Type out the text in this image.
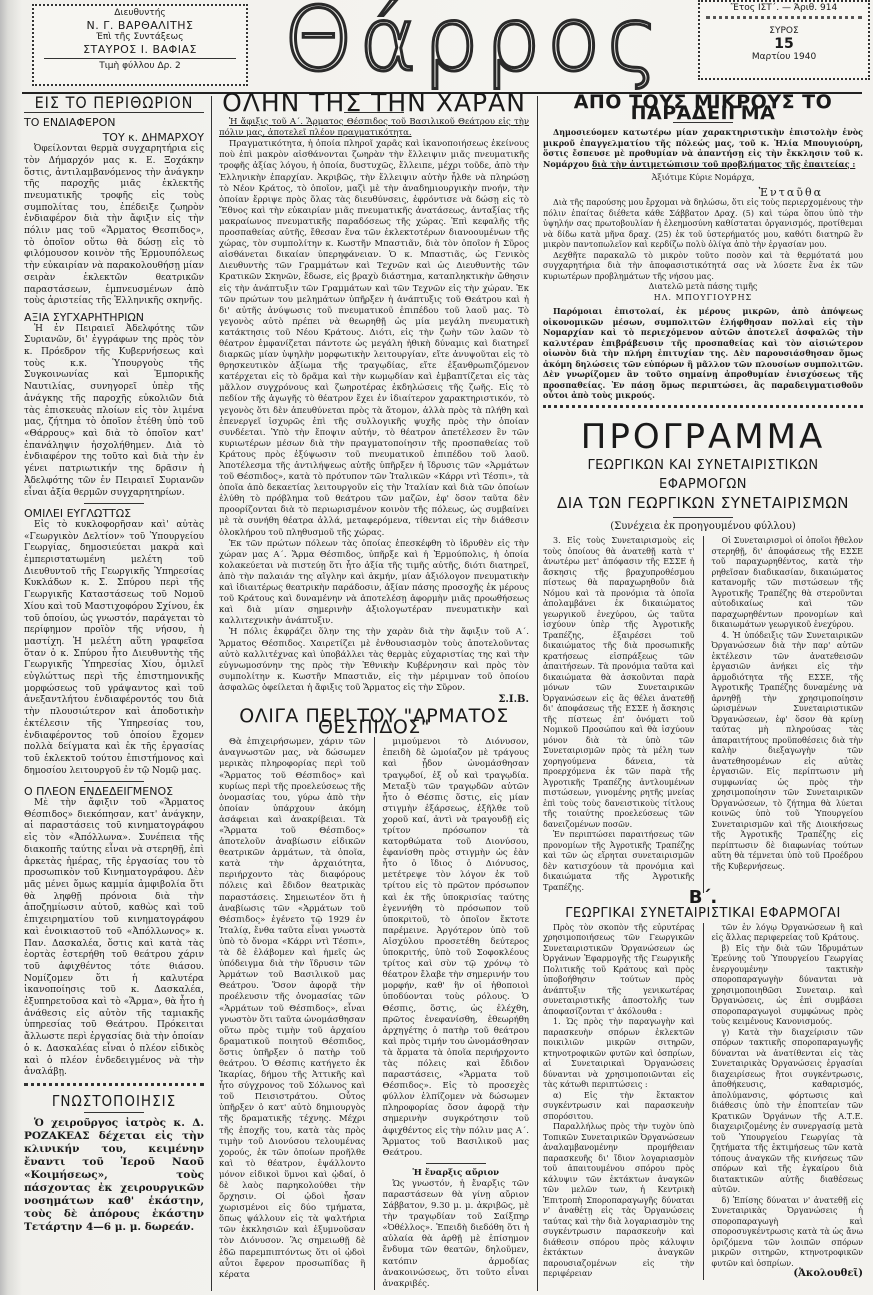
Διευθυντής
Ν. Γ. ΒΑΡΘΑΛΙΤΗΣ
Ἐπὶ τῆς Συντάξεως
ΣΤΑΥΡΟΣ Ι. ΒΑΦΙΑΣ
Τιμὴ φύλλου Δρ. 2	Θάρρος	Ἔτος ΙΣΤ΄. — Ἀριθ. 914
ΣΥΡΟΣ
15
Μαρτίου 1940
ΕΙΣ ΤΟ ΠΕΡΙΘΩΡΙΟΝ
ΤΟ ΕΝΔΙΑΦΕΡΟΝ
ΤΟΥ κ. ΔΗΜΑΡΧΟΥ

Ὀφείλονται θερμὰ συγχαρητήρια εἰς τὸν Δήμαρχόν μας κ. Ε. Ξοχάκην ὅστις, ἀντιλαμβανόμενος τὴν ἀνάγκην τῆς παροχῆς μιᾶς ἐκλεκτῆς πνευματικῆς τροφῆς εἰς τοὺς συμπολίτας του, ἐπέδειξε ζωηρὸν ἐνδιαφέρον διὰ τὴν ἄφιξιν εἰς τὴν πόλιν μας τοῦ «Ἅρματος Θεσπιδος», τὸ ὁποῖον οὕτω θὰ δώσῃ εἰς τὸ φιλόμουσον κοινὸν τῆς Ἑρμουπόλεως τὴν εὐκαιρίαν νὰ παρακολουθήσῃ μίαν σειρὰν ἐκλεκτῶν θεατρικῶν παραστάσεων, ἐμπνευσμένων ἀπὸ τοὺς ἀριστείας τῆς Ἑλληνικῆς σκηνῆς.

ΑΞΙΑ ΣΥΓΧΑΡΗΤΗΡΙΩΝ

Ἡ ἐν Πειραιεῖ Ἀδελφότης τῶν Συριανῶν, δι' ἐγγράφων της πρὸς τὸν κ. Πρόεδρον τῆς Κυβερνήσεως καὶ τοὺς κ.κ. Ὑπουργοὺς τῆς Συγκοινωνίας καὶ Ἐμπορικῆς Ναυτιλίας, συνηγορεῖ ὑπὲρ τῆς ἀνάγκης τῆς παροχῆς εὐκολιῶν διὰ τὰς ἐπισκευὰς πλοίων εἰς τὸν λιμένα μας, ζήτημα τὸ ὁποῖον ἐτέθη ὑπὸ τοῦ «Θάρρους» καὶ διὰ τὸ ὁποῖον κατ' ἐπανάληψιν ἠσχολήθημεν. Διὰ τὸ ἐνδιαφέρον της τοῦτο καὶ διὰ τὴν ἐν γένει πατριωτικήν της δρᾶσιν ἡ Ἀδελφότης τῶν ἐν Πειραιεῖ Συριανῶν εἶναι ἀξία θερμῶν συγχαρητηρίων.

ΟΜΙΛΕΙ ΕΥΓΛΩΤΤΩΣ

Εἰς τὸ κυκλοφορῆσαν καὶ' αὐτὰς «Γεωργικὸν Δελτίον» τοῦ Ὑπουργείου Γεωργίας, δημοσιεύεται μακρὰ καὶ ἐμπεριστατωμένη μελέτη τοῦ Διευθυντοῦ τῆς Γεωργικῆς Ὑπηρεσίας Κυκλάδων κ. Σ. Σπύρου περὶ τῆς Γεωργικῆς Καταστάσεως τοῦ Νομοῦ Χίου καὶ τοῦ Μαστιχοφόρου Σχίνου, ἐκ τοῦ ὁποίου, ὡς γνωστόν, παράγεται τὸ περίφημον προϊὸν τῆς νήσου, ἡ μαστίχη. Ἡ μελέτη αὕτη γραφεῖσα ὅταν ὁ κ. Σπύρου ἦτο Διευθυντὴς τῆς Γεωργικῆς Ὑπηρεσίας Χίου, ὁμιλεῖ εὐγλώττως περὶ τῆς ἐπιστημονικῆς μορφώσεως τοῦ γράψαντος καὶ τοῦ ἀνεξαντλήτου ἐνδιαφέροντός του διὰ τὴν πλουσιώτερον καὶ ἀποδοτικὴν ἐκτέλεσιν τῆς Ὑπηρεσίας του, ἐνδιαφέροντος τοῦ ὁποίου ἔχομεν πολλὰ δείγματα καὶ ἐκ τῆς ἐργασίας τοῦ ἐκλεκτοῦ τούτου ἐπιστήμονος καὶ δημοσίου λειτουργοῦ ἐν τῷ Νομῷ μας.

Ο ΠΛΕΟΝ ΕΝΔΕΔΕΙΓΜΕΝΟΣ

Μὲ τὴν ἄφιξιν τοῦ «Ἅρματος Θέσπιδος» διεκόπησαν, κατ' ἀνάγκην, αἱ παραστάσεις τοῦ κινηματογράφου εἰς τὸν «Ἀπόλλωνα». Συνέπεια τῆς διακοπῆς ταύτης εἶναι νὰ στερηθῇ, ἐπὶ ἀρκετὰς ἡμέρας, τῆς ἐργασίας του τὸ προσωπικὸν τοῦ Κινηματογράφου. Δὲν μᾶς μένει ὅμως καμμία ἀμφιβολία ὅτι θὰ ληφθῇ πρόνοια διὰ τὴν ἀποζημίωσιν αὐτοῦ, καθὼς καὶ τοῦ ἐπιχειρηματίου τοῦ κινηματογράφου καὶ ἐνοικιαστοῦ τοῦ «Ἀπόλλωνος» κ. Παν. Δασκαλέα, ὅστις καὶ κατὰ τὰς ἑορτὰς ἐστερήθη τοῦ θεάτρου χάριν τοῦ ἀφιχθέντος τότε θιάσου. Νομίζομεν ὅτι ἡ καλυτέρα ἱκανοποίησις τοῦ κ. Δασκαλέα, ἐξυπηρετοῦσα καὶ τὸ «Ἅρμα», θὰ ἦτο ἡ ἀνάθεσις εἰς αὐτὸν τῆς ταμιακῆς ὑπηρεσίας τοῦ Θεάτρου. Πρόκειται ἄλλωστε περὶ ἐργασίας διὰ τὴν ὁποίαν ὁ κ. Δασκαλέας εἶναι ὁ πλέον εἰδικὸς καὶ ὁ πλέον ἐνδεδειγμένος νὰ τὴν ἀναλάβῃ.

ΓΝΩΣΤΟΠΟΙΗΣΙΣ

Ὁ χειροῦργος ἰατρὸς κ. Δ. ΡΟΖΑΚΕΑΣ δέχεται εἰς τὴν κλινικήν του, κειμένην ἔναντι τοῦ Ἱεροῦ Ναοῦ «Κοιμήσεως», τοὺς πάσχοντας ἐκ χειρουργικῶν νοσημάτων καθ' ἑκάστην, τοὺς δὲ ἀπόρους ἑκάστην Τετάρτην 4—6 μ. μ. δωρεάν.

ΟΛΗΝ ΤΗΣ ΤΗΝ ΧΑΡΑΝ

Ἡ ἄφιξις τοῦ Α΄. Ἅρματος Θέσπιδος τοῦ Βασιλικοῦ Θεάτρου εἰς τὴν πόλιν μας, ἀποτελεῖ πλέον πραγματικότητα.

Πραγματικότητα, ἡ ὁποία πληροῖ χαρᾶς καὶ ἱκανοποιήσεως ἐκείνους ποὺ ἐπὶ μακρὸν αἰσθάνονται ζωηρὰν τὴν ἔλλειψιν μιᾶς πνευματικῆς τροφῆς ἀξίας λόγου, ἡ ὁποία, δυστυχῶς, ἔλλειπε, μέχρι τοῦδε, ἀπὸ τὴν Ἑλληνικὴν ἐπαρχίαν. Ἀκριβῶς, τὴν ἔλλειψιν αὐτὴν ἦλθε νὰ πληρώσῃ τὸ Νέον Κράτος, τὸ ὁποῖον, μαζὶ μὲ τὴν ἀναδημιουργικὴν πνοήν, τὴν ὁποίαν ἔρριψε πρὸς ὅλας τὰς διευθύνσεις, ἐφρόντισε νὰ δώσῃ εἰς τὸ Ἔθνος καὶ τὴν εὐκαιρίαν μιᾶς πνευματικῆς ἀνατάσεως, ἀνταξίας τῆς μακραίωνος πνευματικῆς παραδόσεως τῆς χώρας. Ἐπὶ κεφαλῆς τῆς προσπαθείας αὐτῆς, ἔθεσαν ἕνα τῶν ἐκλεκτοτέρων διανοουμένων τῆς χώρας, τὸν συμπολίτην κ. Κωστῆν Μπαστιᾶν, διὰ τὸν ὁποῖον ἡ Σῦρος αἰσθάνεται δικαίαν ὑπερηφάνειαν. Ὁ κ. Μπαστιᾶς, ὡς Γενικὸς Διευθυντὴς τῶν Γραμμάτων καὶ Τεχνῶν καὶ ὡς Διευθυντὴς τῶν Κρατικῶν Σκηνῶν, ἔδωσε, εἰς βραχὺ διάστημα, καταπληκτικὴν ὤθησιν εἰς τὴν ἀνάπτυξιν τῶν Γραμμάτων καὶ τῶν Τεχνῶν εἰς τὴν χώραν. Ἐκ τῶν πρώτων του μελημάτων ὑπῆρξεν ἡ ἀνάπτυξις τοῦ Θεάτρου καὶ ἡ δι' αὐτῆς ἀνύψωσις τοῦ πνευματικοῦ ἐπιπέδου τοῦ λαοῦ μας. Τὸ γεγονὸς αὐτὸ πρέπει νὰ θεωρηθῇ ὡς μία μεγάλη πνευματικὴ κατάκτησις τοῦ Νέου Κράτους. Διότι, εἰς τὴν ζωὴν τῶν λαῶν τὸ θέατρον ἐμφανίζεται πάντοτε ὡς μεγάλη ἠθικὴ δύναμις καὶ διατηρεῖ διαρκῶς μίαν ὑψηλὴν μορφωτικὴν λειτουργίαν, εἴτε ἀνυψοῦται εἰς τὸ θρησκευτικὸν ἀξίωμα τῆς τραγῳδίας, εἴτε ἐξανθρωπιζόμενον κατέρχεται εἰς τὸ δρᾶμα καὶ τὴν κωμῳδίαν καὶ ἐμβαπτίζεται εἰς τὰς μᾶλλον συγχρόνους καὶ ζωηροτέρας ἐκδηλώσεις τῆς ζωῆς. Εἰς τὸ πεδίον τῆς ἀγωγῆς τὸ θέατρον ἔχει ἐν ἰδιαίτερον χαρακτηριστικόν, τὸ γεγονὸς ὅτι δὲν ἀπευθύνεται πρὸς τὰ ἄτομον, ἀλλὰ πρὸς τὰ πλήθη καὶ ἐπενεργεῖ ἰσχυρῶς ἐπὶ τῆς συλλογικῆς ψυχῆς πρὸς τὴν ὁποίαν συνδέεται. Ὑπὸ τὴν ἔποψιν αὐτήν, τὸ θέατρον ἀπετέλεσεν ἓν τῶν κυριωτέρων μέσων διὰ τὴν πραγματοποίησιν τῆς προσπαθείας τοῦ Κράτους πρὸς ἐξύψωσιν τοῦ πνευματικοῦ ἐπιπέδου τοῦ λαοῦ. Ἀποτέλεσμα τῆς ἀντιλήψεως αὐτῆς ὑπῆρξεν ἡ ἵδρυσις τῶν «Ἁρμάτων τοῦ Θέσπιδος», κατὰ τὸ πρότυπον τῶν Ἰταλικῶν «Κάρρι ντὶ Τέσπι», τὰ ὁποῖα ἀπὸ δεκαετίας λειτουργοῦν εἰς τὴν Ἰταλίαν καὶ διὰ τῶν ὁποίων ἐλύθη τὸ πρόβλημα τοῦ θεάτρου τῶν μαζῶν, ἐφ' ὅσον ταῦτα δὲν προορίζονται διὰ τὸ περιωρισμένον κοινὸν τῆς πόλεως, ὡς συμβαίνει μὲ τὰ συνήθη θέατρα ἀλλά, μεταφερόμενα, τίθενται εἰς τὴν διάθεσιν ὁλοκλήρου τοῦ πληθυσμοῦ τῆς χώρας.

Ἐκ τῶν πρώτων πόλεων τὰς ὁποίας ἐπεσκέφθη τὸ ἱδρυθὲν εἰς τὴν χώραν μας Α΄. Ἅρμα Θέσπιδος, ὑπῆρξε καὶ ἡ Ἑρμούπολις, ἡ ὁποία κολακεύεται νὰ πιστεύῃ ὅτι ἦτο ἀξία τῆς τιμῆς αὐτῆς, διότι διατηρεῖ, ἀπὸ τὴν παλαιάν της αἴγλην καὶ ἀκμήν, μίαν ἀξιόλογον πνευματικὴν καὶ ἰδιαιτέρως θεατρικὴν παράδοσιν, ἀξίαν πάσης προσοχῆς ἐκ μέρους τοῦ Κράτους καὶ δυναμένην νὰ ἀποτελέσῃ ἀφορμὴν μιᾶς προωθήσεως καὶ διὰ μίαν σημερινὴν ἀξιολογωτέραν πνευματικὴν καὶ καλλιτεχνικὴν ἀνάπτυξιν.

Ἡ πόλις ἐκφράζει ὅλην της τὴν χαρὰν διὰ τὴν ἄφιξιν τοῦ Α΄. Ἅρματος Θέσπιδος. Χαιρετίζει μὲ ἐνθουσιασμὸν τοὺς ἀποτελοῦντας αὐτὸ καλλιτέχνας καὶ ὑποβάλλει τὰς θερμὰς εὐχαριστίας της καὶ τὴν εὐγνωμοσύνην της πρὸς τὴν Ἐθνικὴν Κυβέρνησιν καὶ πρὸς τὸν συμπολίτην κ. Κωστῆν Μπαστιᾶν, εἰς τὴν μέριμναν τοῦ ὁποίου ἀσφαλῶς ὀφείλεται ἡ ἄφιξις τοῦ Ἅρματος εἰς τὴν Σῦρον.

Σ.Ι.Β.
ΟΛΙΓΑ ΠΕΡΙ ΤΟΥ "ΑΡΜΑΤΟΣ ΘΕΣΠΙΔΟΣ"

Θὰ ἐπιχειρήσωμεν, χάριν τῶν ἀναγνωστῶν μας, νὰ δώσωμεν μερικὰς πληροφορίας περὶ τοῦ «Ἅρματος τοῦ Θέσπιδος» καὶ κυρίως περὶ τῆς προελεύσεως τῆς ὀνομασίας του, γύρω ἀπὸ τὴν ὁποίαν ὑπάρχουν ἀκόμη ἀσάφειαι καὶ ἀνακρίβειαι. Τὰ «Ἅρματα τοῦ Θέσπιδος» ἀποτελοῦν ἀναβίωσιν εἰδικῶν θεατρικῶν ἁρμάτων, τὰ ὁποῖα, κατὰ τὴν ἀρχαιότητα, περιήρχοντο τὰς διαφόρους πόλεις καὶ ἔδιδον θεατρικὰς παραστάσεις. Σημειωτέον ὅτι ἡ ἀναβίωσις τῶν «Ἁρμάτων τοῦ Θέσπιδος» ἐγένετο τῷ 1929 ἐν Ἰταλίᾳ, ἔνθα ταῦτα εἶναι γνωστὰ ὑπὸ τὸ ὄνομα «Κάρρι ντὶ Τέσπι», τὰ δὲ ἐλάβομεν καὶ ἡμεῖς ὡς ὑπόδειγμα διὰ τὴν ἵδρυσιν τῶν Ἁρμάτων τοῦ Βασιλικοῦ μας Θεάτρου. Ὅσον ἀφορᾷ τὴν προέλευσιν τῆς ὀνομασίας τῶν «Ἁρμάτων τοῦ Θέσπιδος», εἶναι γνωστὸν ὅτι ταῦτα ὠνομάσθησαν οὕτω πρὸς τιμὴν τοῦ ἀρχαίου δραματικοῦ ποιητοῦ Θέσπιδος, ὅστις ὑπῆρξεν ὁ πατὴρ τοῦ θεάτρου. Ὁ Θέσπις κατήγετο ἐκ Ἰκαρίας, δήμου τῆς Ἀττικῆς καὶ ἦτο σύγχρονος τοῦ Σόλωνος καὶ τοῦ Πεισιστράτου. Οὗτος ὑπῆρξεν ὁ κατ' αὐτὸ δημιουργὸς τῆς δραματικῆς τέχνης. Μέχρι τῆς ἐποχῆς του, κατὰ τὰς πρὸς τιμὴν τοῦ Διονύσου τελουμένας χορούς, ἐκ τῶν ὁποίων προῆλθε καὶ τὸ θέατρον, ἐψάλλοντο μόνον εἰδικοὶ ὕμνοι καὶ ᾠδαί, ὁ δὲ λαὸς παρηκολούθει τὴν ὄρχησιν. Οἱ ᾠδοὶ ἦσαν χωρισμένοι εἰς δύο τμήματα, ὅπως ψάλλουν εἰς τὰ ψαλτήρια τῶν ἐκκλησιῶν καὶ ἐξυμνοῦσαν τὸν Διόνυσον. Ἂς σημειωθῇ δὲ ἐδῶ παρεμπιπτόντως ὅτι οἱ ᾠδοὶ αὗτοι ἔφερον προσωπίδας ἢ κέρατα

μιμούμενοι τὸ Διόνυσον, ἐπειδὴ δὲ ὡμοίαζον μὲ τράγους καὶ ᾖδον ὠνομάσθησαν τραγῳδοί, ἐξ οὗ καὶ τραγῳδία. Μεταξὺ τῶν τραγῳδῶν αὐτῶν ἦτο ὁ Θέσπις ὅστις, εἰς μίαν στιγμὴν ἐξάρσεως, ἐξῆλθε τοῦ χοροῦ καί, ἀντὶ νὰ τραγουδῇ εἰς τρίτον πρόσωπον τὰ κατορθώματα τοῦ Διονύσου, ἐφανίσθη πρὸς στιγμὴν ὡς ἐὰν ἦτο ὁ ἴδιος ὁ Διόνυσος, μετέτρεψε τὸν λόγον ἐκ τοῦ τρίτου εἰς τὸ πρῶτον πρόσωπον καὶ ἐκ τῆς ὑποκρισίας ταύτης ἐγεννήθη τὸ πρόσωπον τοῦ ὑποκριτοῦ, τὸ ὁποῖον ἔκτοτε παρέμεινε. Ἀργότερον ὑπὸ τοῦ Αἰσχύλου προσετέθη δεύτερος ὑποκριτής, ὑπὸ τοῦ Σοφοκλέους τρίτος καὶ σὺν τῷ χρόνῳ τὸ θέατρον ἔλαβε τὴν σημερινήν του μορφήν, καθ' ἣν οἱ ἠθοποιοὶ ὑποδύονται τοὺς ρόλους. Ὁ Θέσπις, ὅστις, ὡς ἐλέχθη, πρῶτος ἐνεφανίσθη, ἐθεωρήθη ἀρχηγέτης ὁ πατὴρ τοῦ θεάτρου καὶ πρὸς τιμήν του ὠνομάσθησαν τὰ ἅρματα τὰ ὁποῖα περιήρχοντο τὰς πόλεις καὶ ἔδιδον παραστάσεις, «Ἅρματα τοῦ Θέσπιδος». Εἰς τὸ προσεχὲς φύλλον ἐλπίζομεν νὰ δώσωμεν πληροφορίας ὅσον ἀφορᾷ τὴν σημερινὴν συγκρότησιν τοῦ ἀφιχθέντος εἰς τὴν πόλιν μας Α΄. Ἅρματος τοῦ Βασιλικοῦ μας Θεάτρου.

Ἡ ἔναρξις αὔριον

Ὡς γνωστόν, ἡ ἔναρξις τῶν παραστάσεων θὰ γίνῃ αὔριον Σάββατον, 9.30 μ. μ. ἀκριβῶς, μὲ τὴν τραγῳδίαν τοῦ Σαίξπηρ «Ὀθέλλος». Ἐπειδὴ διεδόθη ὅτι ἡ αὐλαία θὰ ἀρθῇ μὲ ἐπίσημον ἔνδυμα τῶν θεατῶν, δηλοῦμεν, κατόπιν ἁρμοδίας ἀνακοινώσεως, ὅτι τοῦτο εἶναι ἀνακριβές.

ΑΠΟ ΤΟΥΣ ΜΙΚΡΟΥΣ ΤΟ ΠΑΡΑΔΕΙΓΜΑ

Δημοσιεύομεν κατωτέρω μίαν χαρακτηριστικὴν ἐπιστολὴν ἑνὸς μικροῦ ἐπαγγελματίου τῆς πόλεώς μας, τοῦ κ. Ἠλία Μπουγιούρη, ὅστις ἔσπευσε μὲ προθυμίαν νὰ ἀπαντήσῃ εἰς τὴν ἔκκλησιν τοῦ κ. Νομάρχου διὰ τὴν ἀντιμετώπισιν τοῦ προβλήματος τῆς ἐπαιτείας :

Ἀξιότιμε Κύριε Νομάρχα,
Ἐνταῦθα

Διὰ τῆς παρούσης μου ἔρχομαι νὰ δηλώσω, ὅτι εἰς τοὺς περιερχομένους τὴν πόλιν ἐπαίτας διέθετα κάθε Σάββατον Δραχ. (5) καὶ τώρα ὅπου ὑπὸ τὴν ὑψηλήν σας πρωτοβουλίαν ἡ ἐλεημοσύνη καθίσταται ὀργανισμός, προτίθεμαι νὰ δίδω κατὰ μῆνα δραχ. (25) ἐκ τοῦ ὑστερήματός μου, καθότι διατηρῶ ἓν μικρὸν παντοπωλεῖον καὶ κερδίζω πολὺ ὀλίγα ἀπὸ τὴν ἐργασίαν μου.

Δεχθῆτε παρακαλῶ τὸ μικρὸν τοῦτο ποσὸν καὶ τὰ θερμότατά μου συγχαρητήρια διὰ τὴν ἀποφασιστικότητά σας νὰ λύσετε ἕνα ἐκ τῶν κυριωτέρων προβλημάτων τῆς νήσου μας.

Διατελῶ μετὰ πάσης τιμῆς
ΗΛ. ΜΠΟΥΓΙΟΥΡΗΣ

Παρόμοιαι ἐπιστολαί, ἐκ μέρους μικρῶν, ἀπὸ ἀπόψεως οἰκονομικῶν μέσων, συμπολιτῶν ἐλήφθησαν πολλαὶ εἰς τὴν Νομαρχίαν καὶ τὸ περιεχόμενον αὐτῶν ἀποτελεῖ ἀσφαλῶς τὴν καλυτέραν ἐπιβράβευσιν τῆς προσπαθείας καὶ τὸν αἰσιώτερον οἰωνὸν διὰ τὴν πλήρη ἐπιτυχίαν της. Δὲν παρουσιάσθησαν ὅμως ἀκόμη δηλώσεις τῶν εὐπόρων ἢ μᾶλλον τῶν πλουσίων συμπολιτῶν. Δὲν γνωρίζομεν ἂν τοῦτο σημαίνῃ ἀπροθυμίαν ἐνισχύσεως τῆς προσπαθείας. Ἐν πάσῃ ὅμως περιπτώσει, ἂς παραδειγματισθοῦν οὗτοι ἀπὸ τοὺς μικρούς.

ΠΡΟΓΡΑΜΜΑ
ΓΕΩΡΓΙΚΩΝ ΚΑΙ ΣΥΝΕΤΑΙΡΙΣΤΙΚΩΝ ΕΦΑΡΜΟΓΩΝ
ΔΙΑ ΤΩΝ ΓΕΩΡΓΙΚΩΝ ΣΥΝΕΤΑΙΡΙΣΜΩΝ
(Συνέχεια ἐκ προηγουμένου φύλλου)

3. Εἰς τοὺς Συνεταιρισμοὺς εἰς τοὺς ὁποίους θὰ ἀνατεθῇ κατὰ τ' ἀνωτέρω μετ' ἀπόφασιν τῆς ΕΣΣΕ ἡ ἄσκησις τῆς βραχυπροθέσμου πίστεως θὰ παραχωρηθοῦν διὰ Νόμου καὶ τὰ προνόμια τὰ ὁποῖα ἀπολαμβάνει ἐκ δικαιώματος γεωργικοῦ ἐνεχύρου, ὡς ταῦτα ἰσχύουν ὑπὲρ τῆς Ἀγροτικῆς Τραπέζης, ἐξαιρέσει τοῦ δικαιώματος τῆς διὰ προσωπικῆς κρατήσεως εἰσπράξεως τῶν ἀπαιτήσεων. Τὰ προνόμια ταῦτα καὶ δικαιώματα θὰ ἀσκοῦνται παρὰ μόνων τῶν Συνεταιρικῶν Ὀργανώσεων εἰς ἃς θέλει ἀνατεθῇ δι' ἀποφάσεως τῆς ΕΣΣΕ ἡ ἄσκησις τῆς πίστεως ἐπ' ὀνόματι τοῦ Νομικοῦ Προσώπου καὶ θὰ ἰσχύουν μόνον διὰ τὰ ὑπὸ τῶν Συνεταιρισμῶν πρὸς τὰ μέλη των χορηγούμενα δάνεια, τὰ προερχόμενα ἐκ τῶν παρὰ τῆς Ἀγροτικῆς Τραπέζης ἀντλουμένων πιστώσεων, γινομένης ρητῆς μνείας ἐπὶ τοὺς τοὺς δανειστικοὺς τίτλους τῆς τοιαύτης προελεύσεως τῶν δανειζομένων ποσῶν.

Ἐν περιπτώσει παραιτήσεως τῶν προνομίων τῆς Ἀγροτικῆς Τραπέζης καὶ τῶν ὡς εἴρηται συνεταιρισμῶν δὲν κατισχύουν τὰ προνόμια καὶ δικαιώματα τῆς Ἀγροτικῆς Τραπέζης.

Οἱ Συνεταιρισμοὶ οἱ ὁποῖοι ἤθελον στερηθῇ, δι' ἀποφάσεως τῆς ΕΣΣΕ τοῦ παραχωρηθέντος, κατὰ τὴν ρηθεῖσαν διαδικασίαν, δικαιώματος κατανομῆς τῶν πιστώσεων τῆς Ἀγροτικῆς Τραπέζης θὰ στεροῦνται αὐτοδικαίως καὶ τῶν παραχωρηθέντων προνομίων καὶ δικαιωμάτων γεωργικοῦ ἐνεχύρου.

4. Ἡ ὑπόδειξις τῶν Συνεταιρικῶν Ὀργανώσεων διὰ τὴν παρ' αὐτῶν ἐκτέλεσιν τῶν ἀνατεθεισῶν ἐργασιῶν ἀνήκει εἰς τὴν ἁρμοδιότητα τῆς ΕΣΣΕ, τῆς Ἀγροτικῆς Τραπέζης δυναμένης νὰ ἀρνηθῇ τὴν χρησιμοποίησιν ὡρισμένων Συνεταιριστικῶν Ὀργανώσεων, ἐφ' ὅσον θὰ κρίνῃ ταύτας μὴ πληρούσας τὰς ἀπαραιτήτους προϋποθέσεις διὰ τὴν καλὴν διεξαγωγὴν τῶν ἀνατεθησομένων εἰς αὐτὰς ἐργασιῶν. Εἰς περίπτωσιν μὴ συμφωνίας ὡς πρὸς τὴν χρησιμοποίησιν τῶν Συνεταιρικῶν Ὀργανώσεων, τὸ ζήτημα θὰ λύεται κοινῶς ὑπὸ τοῦ Ὑπουργείου Συνεταιρισμῶν καὶ τῆς Διοικήσεως τῆς Ἀγροτικῆς Τραπέζης εἰς περίπτωσιν δὲ διαφωνίας τούτων αὕτη θὰ τέμνεται ὑπὸ τοῦ Προέδρου τῆς Κυβερνήσεως.

Β΄.
ΓΕΩΡΓΙΚΑΙ ΣΥΝΕΤΑΙΡΙΣΤΙΚΑΙ ΕΦΑΡΜΟΓΑΙ

Πρὸς τὸν σκοπὸν τῆς εὐρυτέρας χρησιμοποιήσεως τῶν Γεωργικῶν Συνεταιριστικῶν Ὀργανώσεων ὡς Ὀργάνων Ἐφαρμογῆς τῆς Γεωργικῆς Πολιτικῆς τοῦ Κράτους καὶ πρὸς ὑποβοήθησιν τούτων πρὸς ἀνάπτυξιν τῆς γενικωτέρας συνεταιριστικῆς ἀποστολῆς των ἀποφασίζονται τ' ἀκόλουθα :

1. Ὡς πρὸς τὴν παραγωγὴν καὶ παρασκευὴν σπόρων ἐκλεκτῶν ποικιλιῶν μικρῶν σιτηρῶν, κτηνοτροφικῶν φυτῶν καὶ ὀσπρίων, αἱ Συνεταιρικαὶ Ὀργανώσεις δύνανται νὰ χρησιμοποιῶνται εἰς τὰς κάτωθι περιπτώσεις :

α) Εἰς τὴν ἔκτακτον συγκέντρωσιν καὶ παρασκευὴν σπορόσιτου.

Παραλλήλως πρὸς τὴν τυχὸν ὑπὸ Τοπικῶν Συνεταιρικῶν Ὀργανώσεων ἀναλαμβανομένην προμήθειαν παρασκευῆς δι' ἴδιον λογαριασμὸν τοῦ ἀπαιτουμένου σπόρου πρὸς κάλυψιν τῶν ἐκτάκτων ἀναγκῶν τῶν μελῶν των, ἡ Κεντρικὴ Ἐπιτροπὴ Σποροπαραγωγῆς δύναται ν' ἀναθέτῃ εἰς τὰς Ὀργανώσεις ταύτας καὶ τὴν διὰ λογαριασμὸν της συγκέντρωσιν παρασκευὴν καὶ διάθεσιν σπόρου πρὸς κάλυψιν ἐκτάκτων ἀναγκῶν παρουσιαζομένων εἰς τὴν περιφέρειαν

τῶν ἐν λόγῳ Ὀργανώσεων ἢ καὶ εἰς ἄλλας περιφερείας τοῦ Κράτους.

β) Εἰς τὴν διὰ τῶν Ἱδρυμάτων Ἐρεύνης τοῦ Ὑπουργείου Γεωργίας ἐνεργουμένην τακτικὴν σποροπαραγωγὴν δύνανται νὰ χρησιμοποιηθῶσι Συνεταιρ. καὶ Ὀργανώσεις, ὡς ἐπὶ συμβάσει σποροπαραγωγοὶ συμφώνως πρὸς τοὺς κειμένους Κανονισμούς.

γ) Κατὰ τὴν διαχείρισιν τῶν σπόρων τακτικῆς σποροπαραγωγῆς δύνανται νὰ ἀνατίθενται εἰς τὰς Συνεταιρικὰς Ὀργανώσεις ἐργασίαι διαχειρίσεως ἤτοι συγκέντρωσις, ἀποθήκευσις, καθαρισμός, ἀπολύμανσις, φόρτωσις καὶ διάθεσις ὑπὸ τὴν ἐποπτείαν τῶν Κρατικῶν Ὀργάνων τῆς Α.Τ.Ε. διαχειριζομένης ἐν συνεργασίᾳ μετὰ τοῦ Ὑπουργείου Γεωργίας τὰ ζητήματα τῆς ἐκτιμήσεως τῶν κατὰ τόπους ἀναγκῶν τῆς κινήσεως τῶν σπόρων καὶ τῆς ἐγκαίρου διὰ διατακτικῶν αὐτῆς διαθέσεως αὐτῶν.

δ) Ἐπίσης δύναται ν' ἀνατεθῇ εἰς Συνεταιρικὰς Ὀργανώσεις ἡ σποροπαραγωγὴ καὶ σποροσυγκέντρωσις κατὰ τὰ ὡς ἄνω ὁριζόμενα τῶν λοιπῶν σπόρων μικρῶν σιτηρῶν, κτηνοτροφικῶν φυτῶν καὶ ὀσπρίων.

(Ἀκολουθεῖ)
